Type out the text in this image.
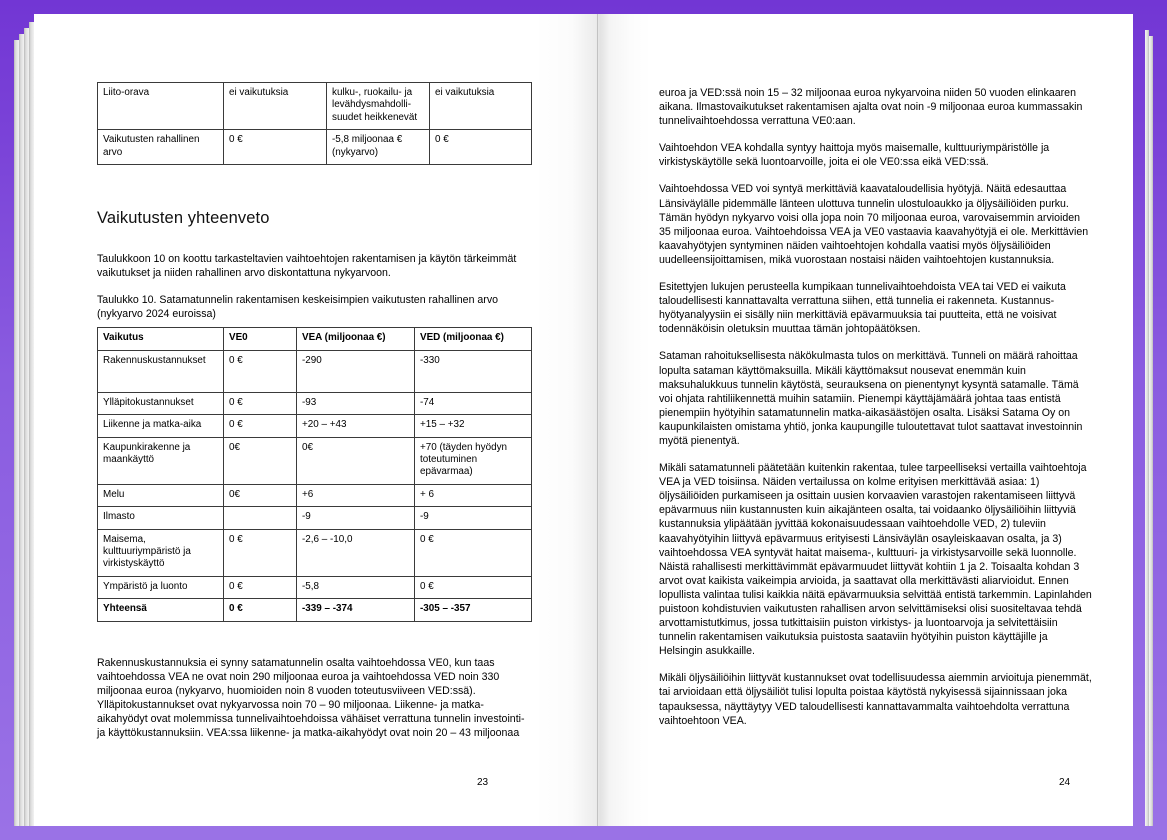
Liito-orava	ei vaikutuksia	kulku-, ruokailu- ja levähdysmahdolli-suudet heikkenevät	ei vaikutuksia
Vaikutusten rahallinen arvo	0 €	-5,8 miljoonaa € (nykyarvo)	0 €
Vaikutusten yhteenveto

Taulukkoon 10 on koottu tarkasteltavien vaihtoehtojen rakentamisen ja käytön tärkeimmät vaikutukset ja niiden rahallinen arvo diskontattuna nykyarvoon.

Taulukko 10. Satamatunnelin rakentamisen keskeisimpien vaikutusten rahallinen arvo (nykyarvo 2024 euroissa)

Vaikutus	VE0	VEA (miljoonaa €)	VED (miljoonaa €)
Rakennuskustannukset	0 €	-290	-330
Ylläpitokustannukset	0 €	-93	-74
Liikenne ja matka-aika	0 €	+20 – +43	+15 – +32
Kaupunkirakenne ja maankäyttö	0€	0€	+70 (täyden hyödyn toteutuminen epävarmaa)
Melu	0€	+6	+ 6
Ilmasto		-9	-9
Maisema, kulttuuriympäristö ja virkistyskäyttö	0 €	-2,6 – -10,0	0 €
Ympäristö ja luonto	0 €	-5,8	0 €
Yhteensä	0 €	-339 – -374	-305 – -357

Rakennuskustannuksia ei synny satamatunnelin osalta vaihtoehdossa VE0, kun taas vaihtoehdossa VEA ne ovat noin 290 miljoonaa euroa ja vaihtoehdossa VED noin 330 miljoonaa euroa (nykyarvo, huomioiden noin 8 vuoden toteutusviiveen VED:ssä). Ylläpitokustannukset ovat nykyarvossa noin 70 – 90 miljoonaa. Liikenne- ja matka-aikahyödyt ovat molemmissa tunnelivaihtoehdoissa vähäiset verrattuna tunnelin investointi- ja käyttökustannuksiin. VEA:ssa liikenne- ja matka-aikahyödyt ovat noin 20 – 43 miljoonaa

23

euroa ja VED:ssä noin 15 – 32 miljoonaa euroa nykyarvoina niiden 50 vuoden elinkaaren aikana. Ilmastovaikutukset rakentamisen ajalta ovat noin -9 miljoonaa euroa kummassakin tunnelivaihtoehdossa verrattuna VE0:aan.

Vaihtoehdon VEA kohdalla syntyy haittoja myös maisemalle, kulttuuriympäristölle ja virkistyskäytölle sekä luontoarvoille, joita ei ole VE0:ssa eikä VED:ssä.

Vaihtoehdossa VED voi syntyä merkittäviä kaavataloudellisia hyötyjä. Näitä edesauttaa Länsiväylälle pidemmälle länteen ulottuva tunnelin ulostuloaukko ja öljysäiliöiden purku. Tämän hyödyn nykyarvo voisi olla jopa noin 70 miljoonaa euroa, varovaisemmin arvioiden 35 miljoonaa euroa. Vaihtoehdoissa VEA ja VE0 vastaavia kaavahyötyjä ei ole. Merkittävien kaavahyötyjen syntyminen näiden vaihtoehtojen kohdalla vaatisi myös öljysäiliöiden uudelleensijoittamisen, mikä vuorostaan nostaisi näiden vaihtoehtojen kustannuksia.

Esitettyjen lukujen perusteella kumpikaan tunnelivaihtoehdoista VEA tai VED ei vaikuta taloudellisesti kannattavalta verrattuna siihen, että tunnelia ei rakenneta. Kustannus-hyötyanalyysiin ei sisälly niin merkittäviä epävarmuuksia tai puutteita, että ne voisivat todennäköisin oletuksin muuttaa tämän johtopäätöksen.

Sataman rahoituksellisesta näkökulmasta tulos on merkittävä. Tunneli on määrä rahoittaa lopulta sataman käyttömaksuilla. Mikäli käyttömaksut nousevat enemmän kuin maksuhalukkuus tunnelin käytöstä, seurauksena on pienentynyt kysyntä satamalle. Tämä voi ohjata rahtiliikennettä muihin satamiin. Pienempi käyttäjämäärä johtaa taas entistä pienempiin hyötyihin satamatunnelin matka-aikasäästöjen osalta. Lisäksi Satama Oy on kaupunkilaisten omistama yhtiö, jonka kaupungille tuloutettavat tulot saattavat investoinnin myötä pienentyä.

Mikäli satamatunneli päätetään kuitenkin rakentaa, tulee tarpeelliseksi vertailla vaihtoehtoja VEA ja VED toisiinsa. Näiden vertailussa on kolme erityisen merkittävää asiaa: 1) öljysäiliöiden purkamiseen ja osittain uusien korvaavien varastojen rakentamiseen liittyvä epävarmuus niin kustannusten kuin aikajänteen osalta, tai voidaanko öljysäiliöihin liittyviä kustannuksia ylipäätään jyvittää kokonaisuudessaan vaihtoehdolle VED, 2) tuleviin kaavahyötyihin liittyvä epävarmuus erityisesti Länsiväylän osayleiskaavan osalta, ja 3) vaihtoehdossa VEA syntyvät haitat maisema-, kulttuuri- ja virkistysarvoille sekä luonnolle. Näistä rahallisesti merkittävimmät epävarmuudet liittyvät kohtiin 1 ja 2. Toisaalta kohdan 3 arvot ovat kaikista vaikeimpia arvioida, ja saattavat olla merkittävästi aliarvioidut. Ennen lopullista valintaa tulisi kaikkia näitä epävarmuuksia selvittää entistä tarkemmin. Lapinlahden puistoon kohdistuvien vaikutusten rahallisen arvon selvittämiseksi olisi suositeltavaa tehdä arvottamistutkimus, jossa tutkittaisiin puiston virkistys- ja luontoarvoja ja selvitettäisiin tunnelin rakentamisen vaikutuksia puistosta saataviin hyötyihin puiston käyttäjille ja Helsingin asukkaille.

Mikäli öljysäiliöihin liittyvät kustannukset ovat todellisuudessa aiemmin arvioituja pienemmät, tai arvioidaan että öljysäiliöt tulisi lopulta poistaa käytöstä nykyisessä sijainnissaan joka tapauksessa, näyttäytyy VED taloudellisesti kannattavammalta vaihtoehdolta verrattuna vaihtoehtoon VEA.

24
